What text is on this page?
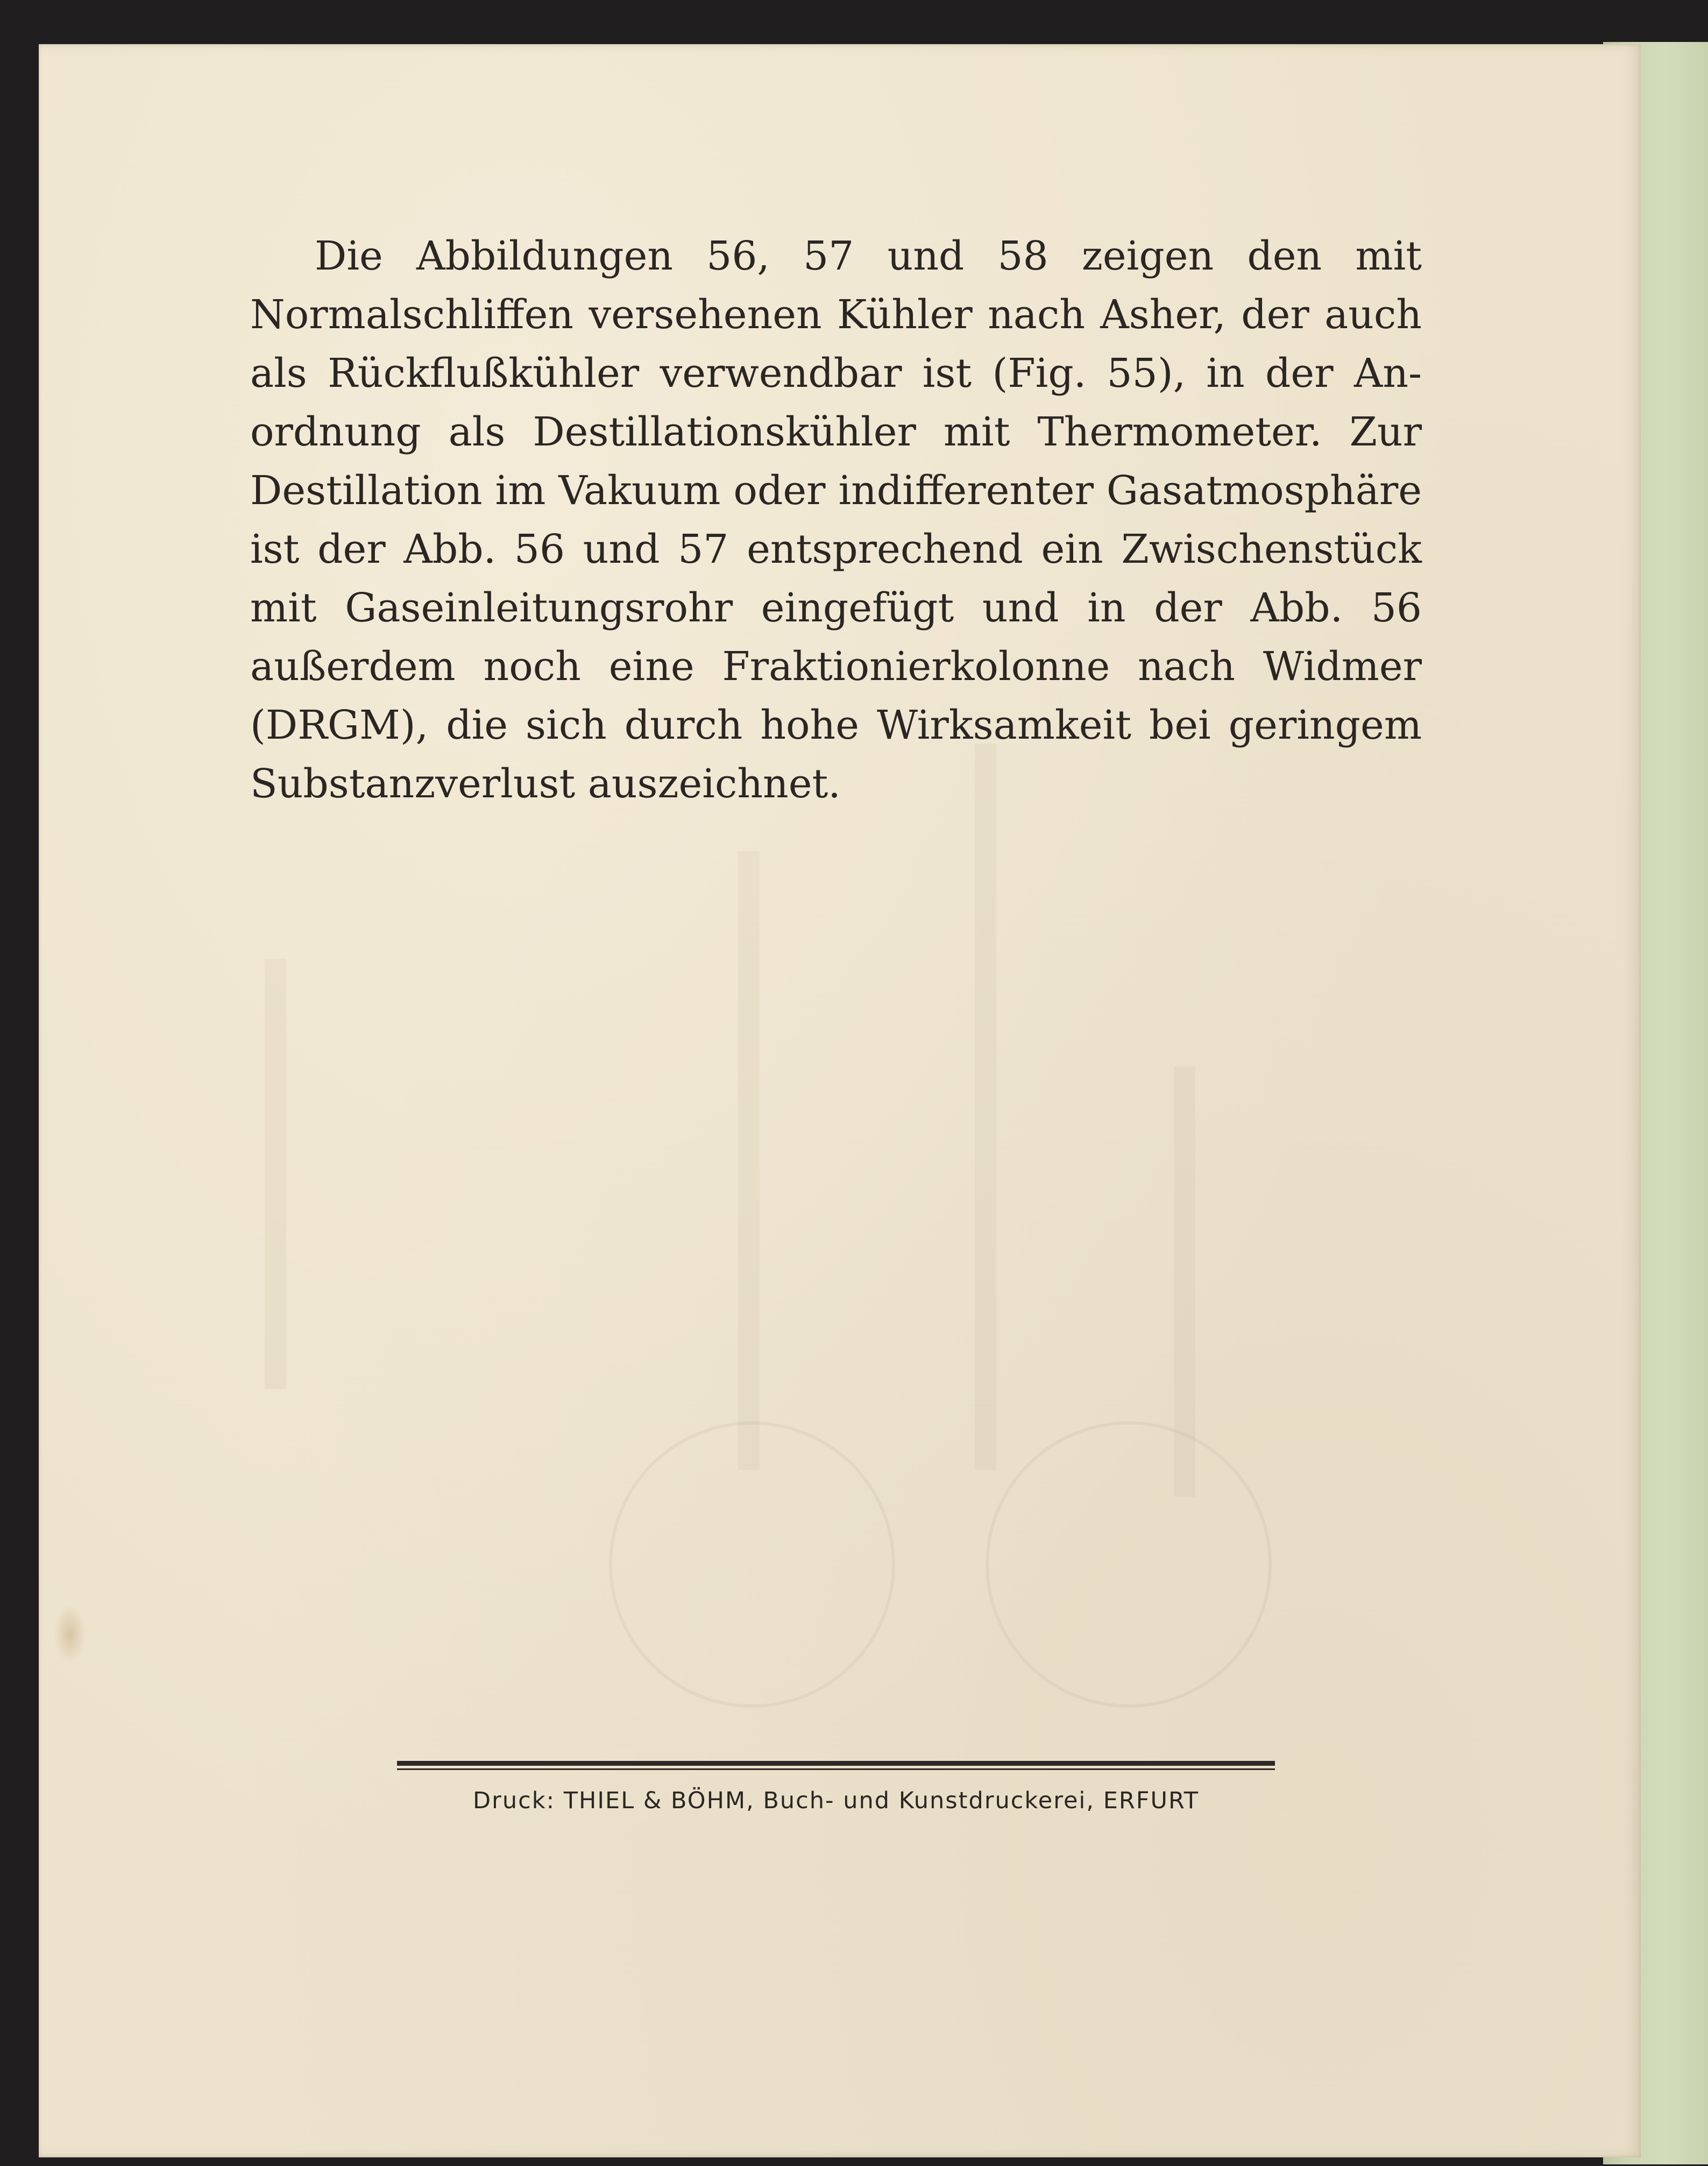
Die Abbildungen 56, 57 und 58 zeigen den mit Normalschliffen versehenen Kühler nach Asher, der auch als Rückflußkühler verwendbar ist (Fig. 55), in der Anordnung als Destillationskühler mit Thermometer. Zur Destillation im Vakuum oder indifferenter Gasatmosphäre ist der Abb. 56 und 57 entsprechend ein Zwischenstück mit Gaseinleitungsrohr eingefügt und in der Abb. 56 außerdem noch eine Fraktionierkolonne nach Widmer (DRGM), die sich durch hohe Wirksamkeit bei geringem Substanzverlust auszeichnet.

Druck: THIEL & BÖHM, Buch- und Kunstdruckerei, ERFURT
